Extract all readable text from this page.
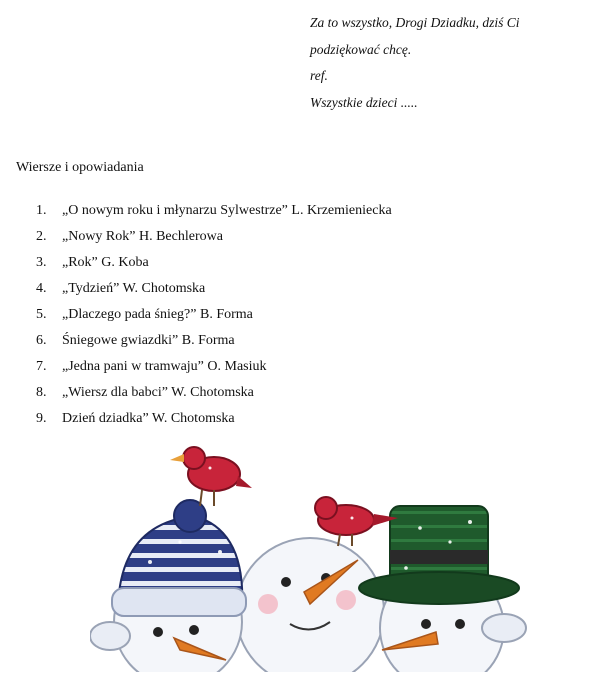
Za to wszystko, Drogi Dziadku, dziś Ci
podziękować chcę.
ref.
Wszystkie dzieci .....
Wiersze i opowiadania
1. „O nowym roku i młynarzu Sylwestrze” L. Krzemieniecka
2. „Nowy Rok” H. Bechlerowa
3. „Rok” G. Koba
4. „Tydzień” W. Chotomska
5. „Dlaczego pada śnieg?” B. Forma
6. Śniegowe gwiazdki” B. Forma
7. „Jedna pani w tramwaju” O. Masiuk
8. „Wiersz dla babci” W. Chotomska
9. Dzień dziadka” W. Chotomska
